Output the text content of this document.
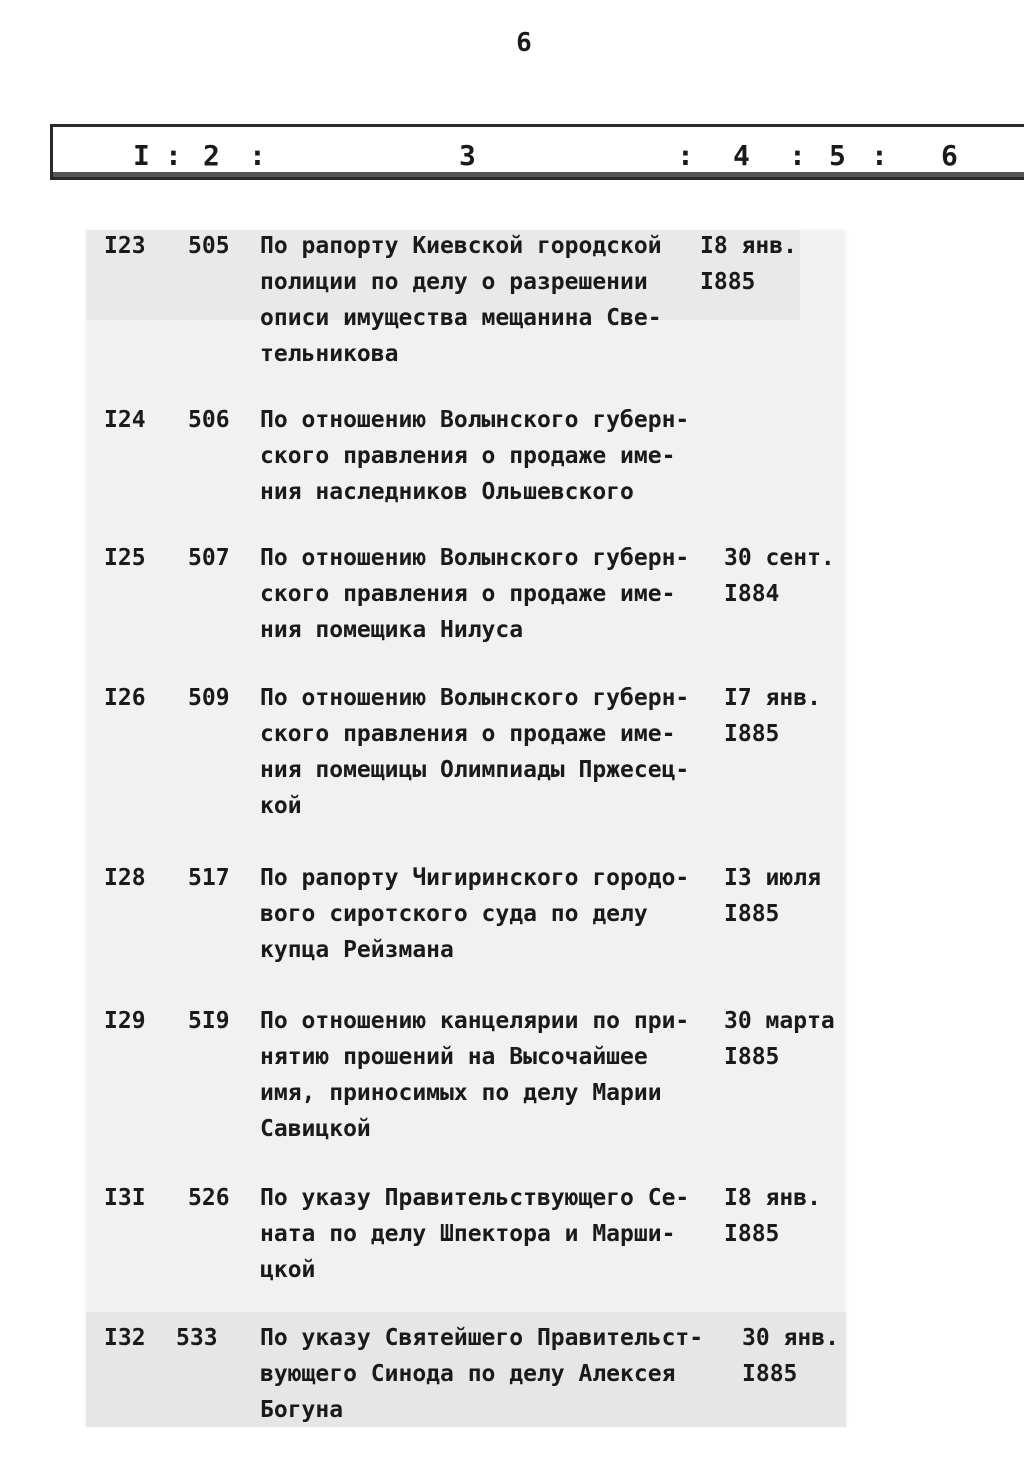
6
I : 2 :	3	: 4 : 5 : 6
I23 505 По рапорту Киевской городской
полиции по делу о разрешении
описи имущества мещанина Све-
тельникова
I8 янв.
I885
I24 506 По отношению Волынского губерн-
ского правления о продаже име-
ния наследников Ольшевского
I25 507 По отношению Волынского губерн-
ского правления о продаже име-
ния помещика Нилуса
30 сент.
I884
I26 509 По отношению Волынского губерн-
ского правления о продаже име-
ния помещицы Олимпиады Пржесец-
кой
I7 янв.
I885
I28 517 По рапорту Чигиринского городо-
вого сиротского суда по делу
купца Рейзмана
I3 июля
I885
I29 5I9 По отношению канцелярии по при-
нятию прошений на Высочайшее
имя, приносимых по делу Марии
Савицкой
30 марта
I885
I3I 526 По указу Правительствующего Се-
ната по делу Шпектора и Марши-
цкой
I8 янв.
I885
I32 533 По указу Святейшего Правительст-
вующего Синода по делу Алексея
Богуна
30 янв.
I885
